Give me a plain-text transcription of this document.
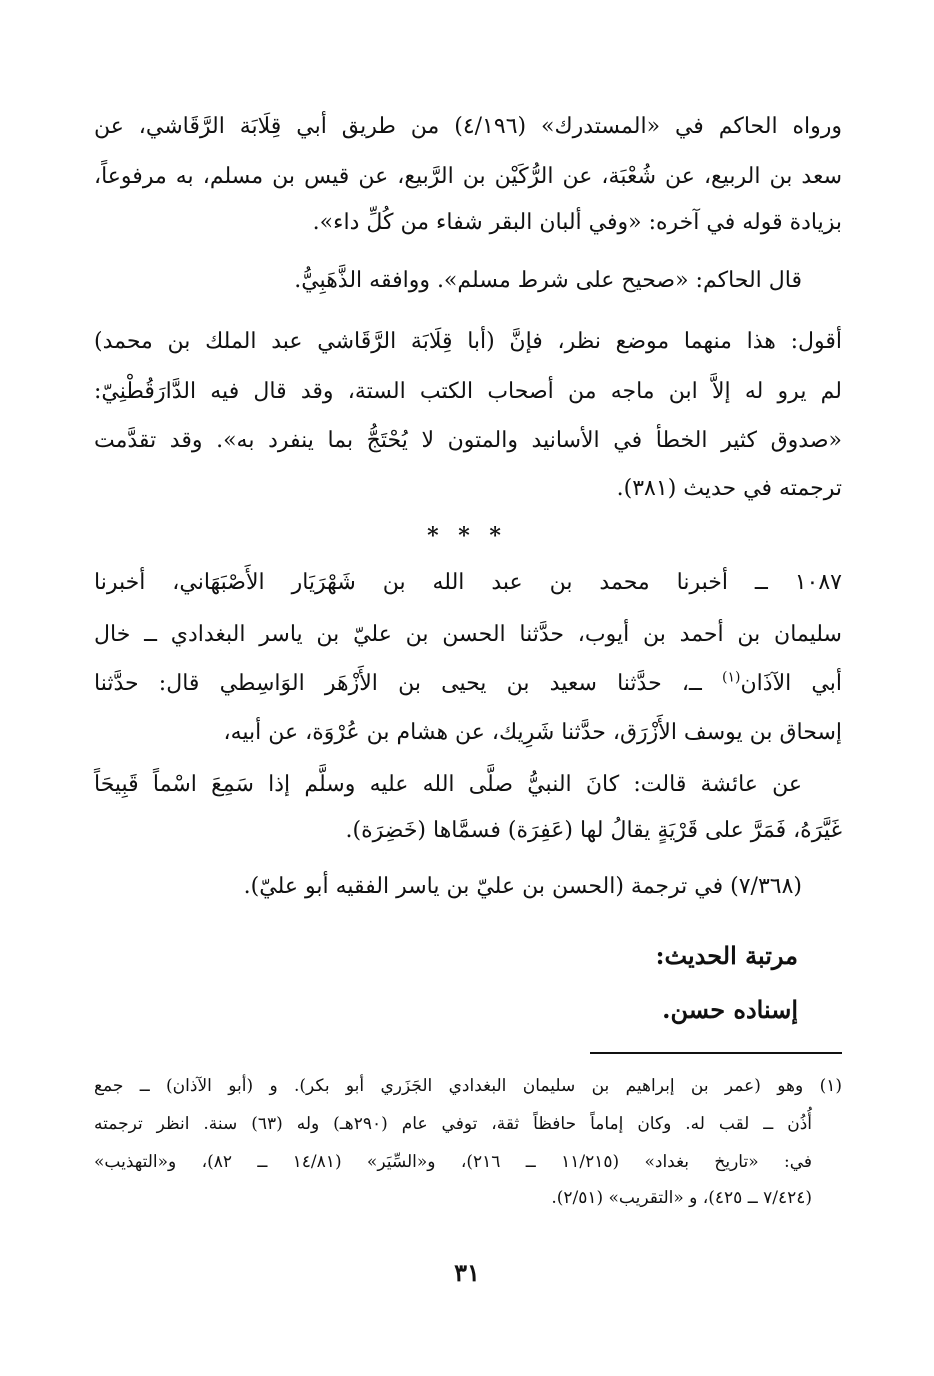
ورواه الحاكم في «المستدرك» (٤/١٩٦) من طريق أبي قِلَابَة الرَّقَاشي، عن
سعد بن الربيع، عن شُعْبَة، عن الرُّكَيْن بن الرَّبيع، عن قيس بن مسلم، به مرفوعاً،
بزيادة قوله في آخره: «وفي ألبان البقر شفاء من كُلِّ داء».
قال الحاكم: «صحيح على شرط مسلم». ووافقه الذَّهَبِيُّ.
أقول: هذا منهما موضع نظر، فإنَّ (أبا قِلَابَة الرَّقَاشي عبد الملك بن محمد)
لم يرو له إلاَّ ابن ماجه من أصحاب الكتب الستة، وقد قال فيه الدَّارَقُطْنِيّ:
«صدوق كثير الخطأ في الأسانيد والمتون لا يُحْتَجُّ بما ينفرد به». وقد تقدَّمت
ترجمته في حديث (٣٨١).
* * *
١٠٨٧ ــ أخبرنا محمد بن عبد الله بن شَهْرَيَار الأَصْبَهَاني، أخبرنا
سليمان بن أحمد بن أيوب، حدَّثنا الحسن بن عليّ بن ياسر البغدادي ــ خال
أبي الآذَان$^{(١)}$ ــ، حدَّثنا سعيد بن يحيى بن الأَزْهَر الوَاسِطي قال: حدَّثنا
إسحاق بن يوسف الأَزْرَق، حدَّثنا شَرِيك، عن هشام بن عُرْوَة، عن أبيه،
عن عائشة قالت: كانَ النبيُّ صلَّى الله عليه وسلَّم إذا سَمِعَ اسْماً قَبِيحَاً
غَيَّرَهُ، فَمَرَّ على قَرْيَةٍ يقالُ لها (عَفِرَة) فسمَّاها (خَضِرَة).
(٧/٣٦٨) في ترجمة (الحسن بن عليّ بن ياسر الفقيه أبو عليّ).
مرتبة الحديث:
إسناده حسن.
(١) وهو (عمر بن إبراهيم بن سليمان البغدادي الجَزَري أبو بكر). و (أبو الآذان) ــ جمع
أُذُن ــ لقب له. وكان إماماً حافظاً ثقة، توفي عام (٢٩٠هـ) وله (٦٣) سنة. انظر ترجمته
في: «تاريخ بغداد» (١١/٢١٥ ــ ٢١٦)، و«السِّيَر» (١٤/٨١ ــ ٨٢)، و«التهذيب»
(٧/٤٢٤ ــ ٤٢٥)، و «التقريب» (٢/٥١).
٣١
